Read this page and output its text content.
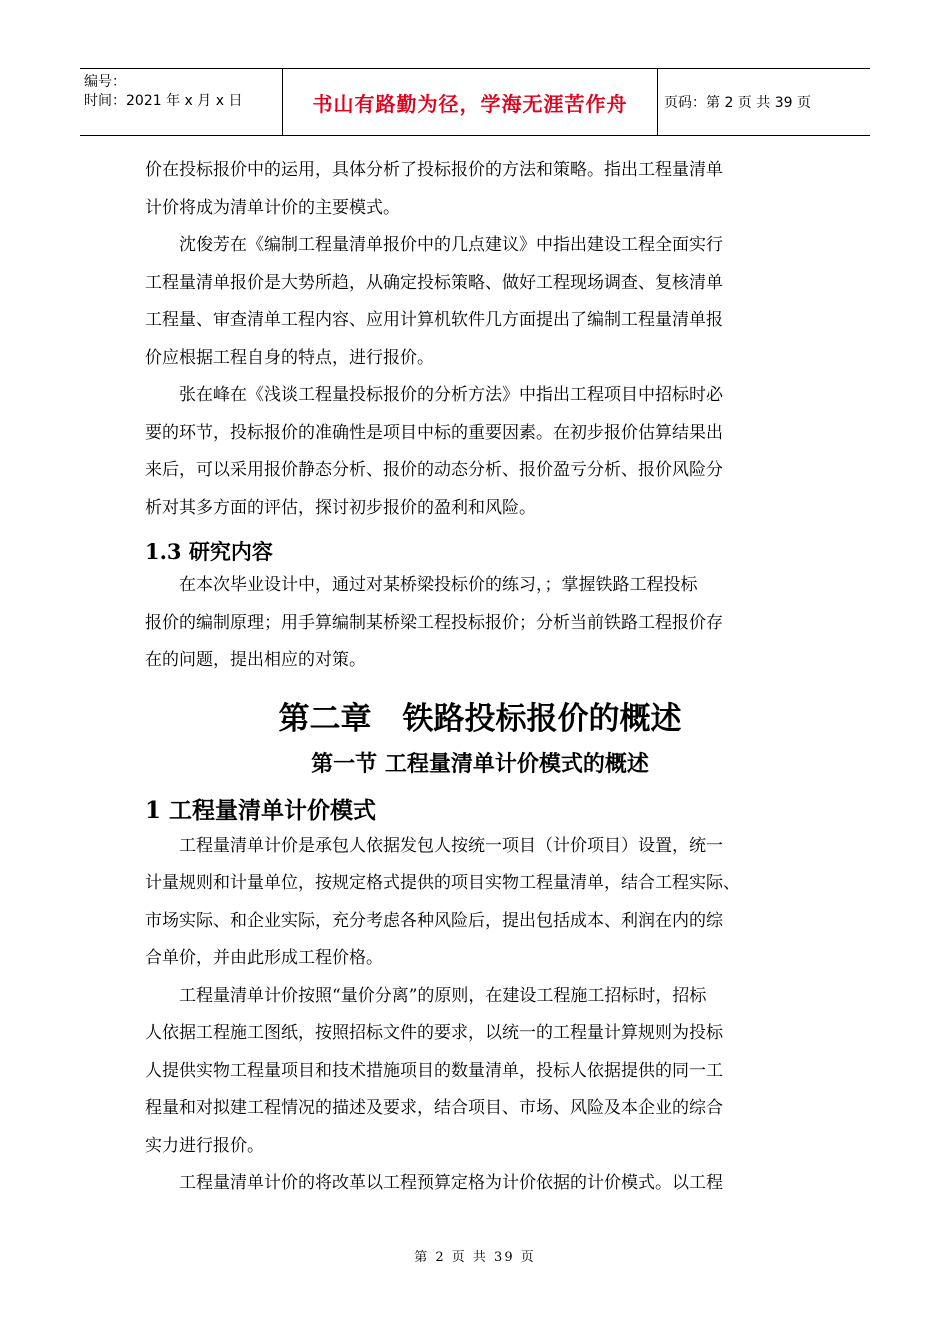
编号：
时间：2021 年 x 月 x 日	书山有路勤为径，学海无涯苦作舟	页码：第 2 页 共 39 页

价在投标报价中的运用，具体分析了投标报价的方法和策略。指出工程量清单
计价将成为清单计价的主要模式。

　　沈俊芳在《编制工程量清单报价中的几点建议》中指出建设工程全面实行
工程量清单报价是大势所趋，从确定投标策略、做好工程现场调查、复核清单
工程量、审查清单工程内容、应用计算机软件几方面提出了编制工程量清单报
价应根据工程自身的特点，进行报价。

　　张在峰在《浅谈工程量投标报价的分析方法》中指出工程项目中招标时必
要的环节，投标报价的准确性是项目中标的重要因素。在初步报价估算结果出
来后，可以采用报价静态分析、报价的动态分析、报价盈亏分析、报价风险分
析对其多方面的评估，探讨初步报价的盈利和风险。

1.3 研究内容

　　在本次毕业设计中，通过对某桥梁投标价的练习，；掌握铁路工程投标
报价的编制原理；用手算编制某桥梁工程投标报价；分析当前铁路工程报价存
在的问题，提出相应的对策。

第二章　铁路投标报价的概述
第一节 工程量清单计价模式的概述
1 工程量清单计价模式

　　工程量清单计价是承包人依据发包人按统一项目（计价项目）设置，统一
计量规则和计量单位，按规定格式提供的项目实物工程量清单，结合工程实际、
市场实际、和企业实际，充分考虑各种风险后，提出包括成本、利润在内的综
合单价，并由此形成工程价格。

　　工程量清单计价按照“量价分离”的原则，在建设工程施工招标时，招标
人依据工程施工图纸，按照招标文件的要求，以统一的工程量计算规则为投标
人提供实物工程量项目和技术措施项目的数量清单，投标人依据提供的同一工
程量和对拟建工程情况的描述及要求，结合项目、市场、风险及本企业的综合
实力进行报价。

　　工程量清单计价的将改革以工程预算定格为计价依据的计价模式。以工程

第 2 页 共 39 页
